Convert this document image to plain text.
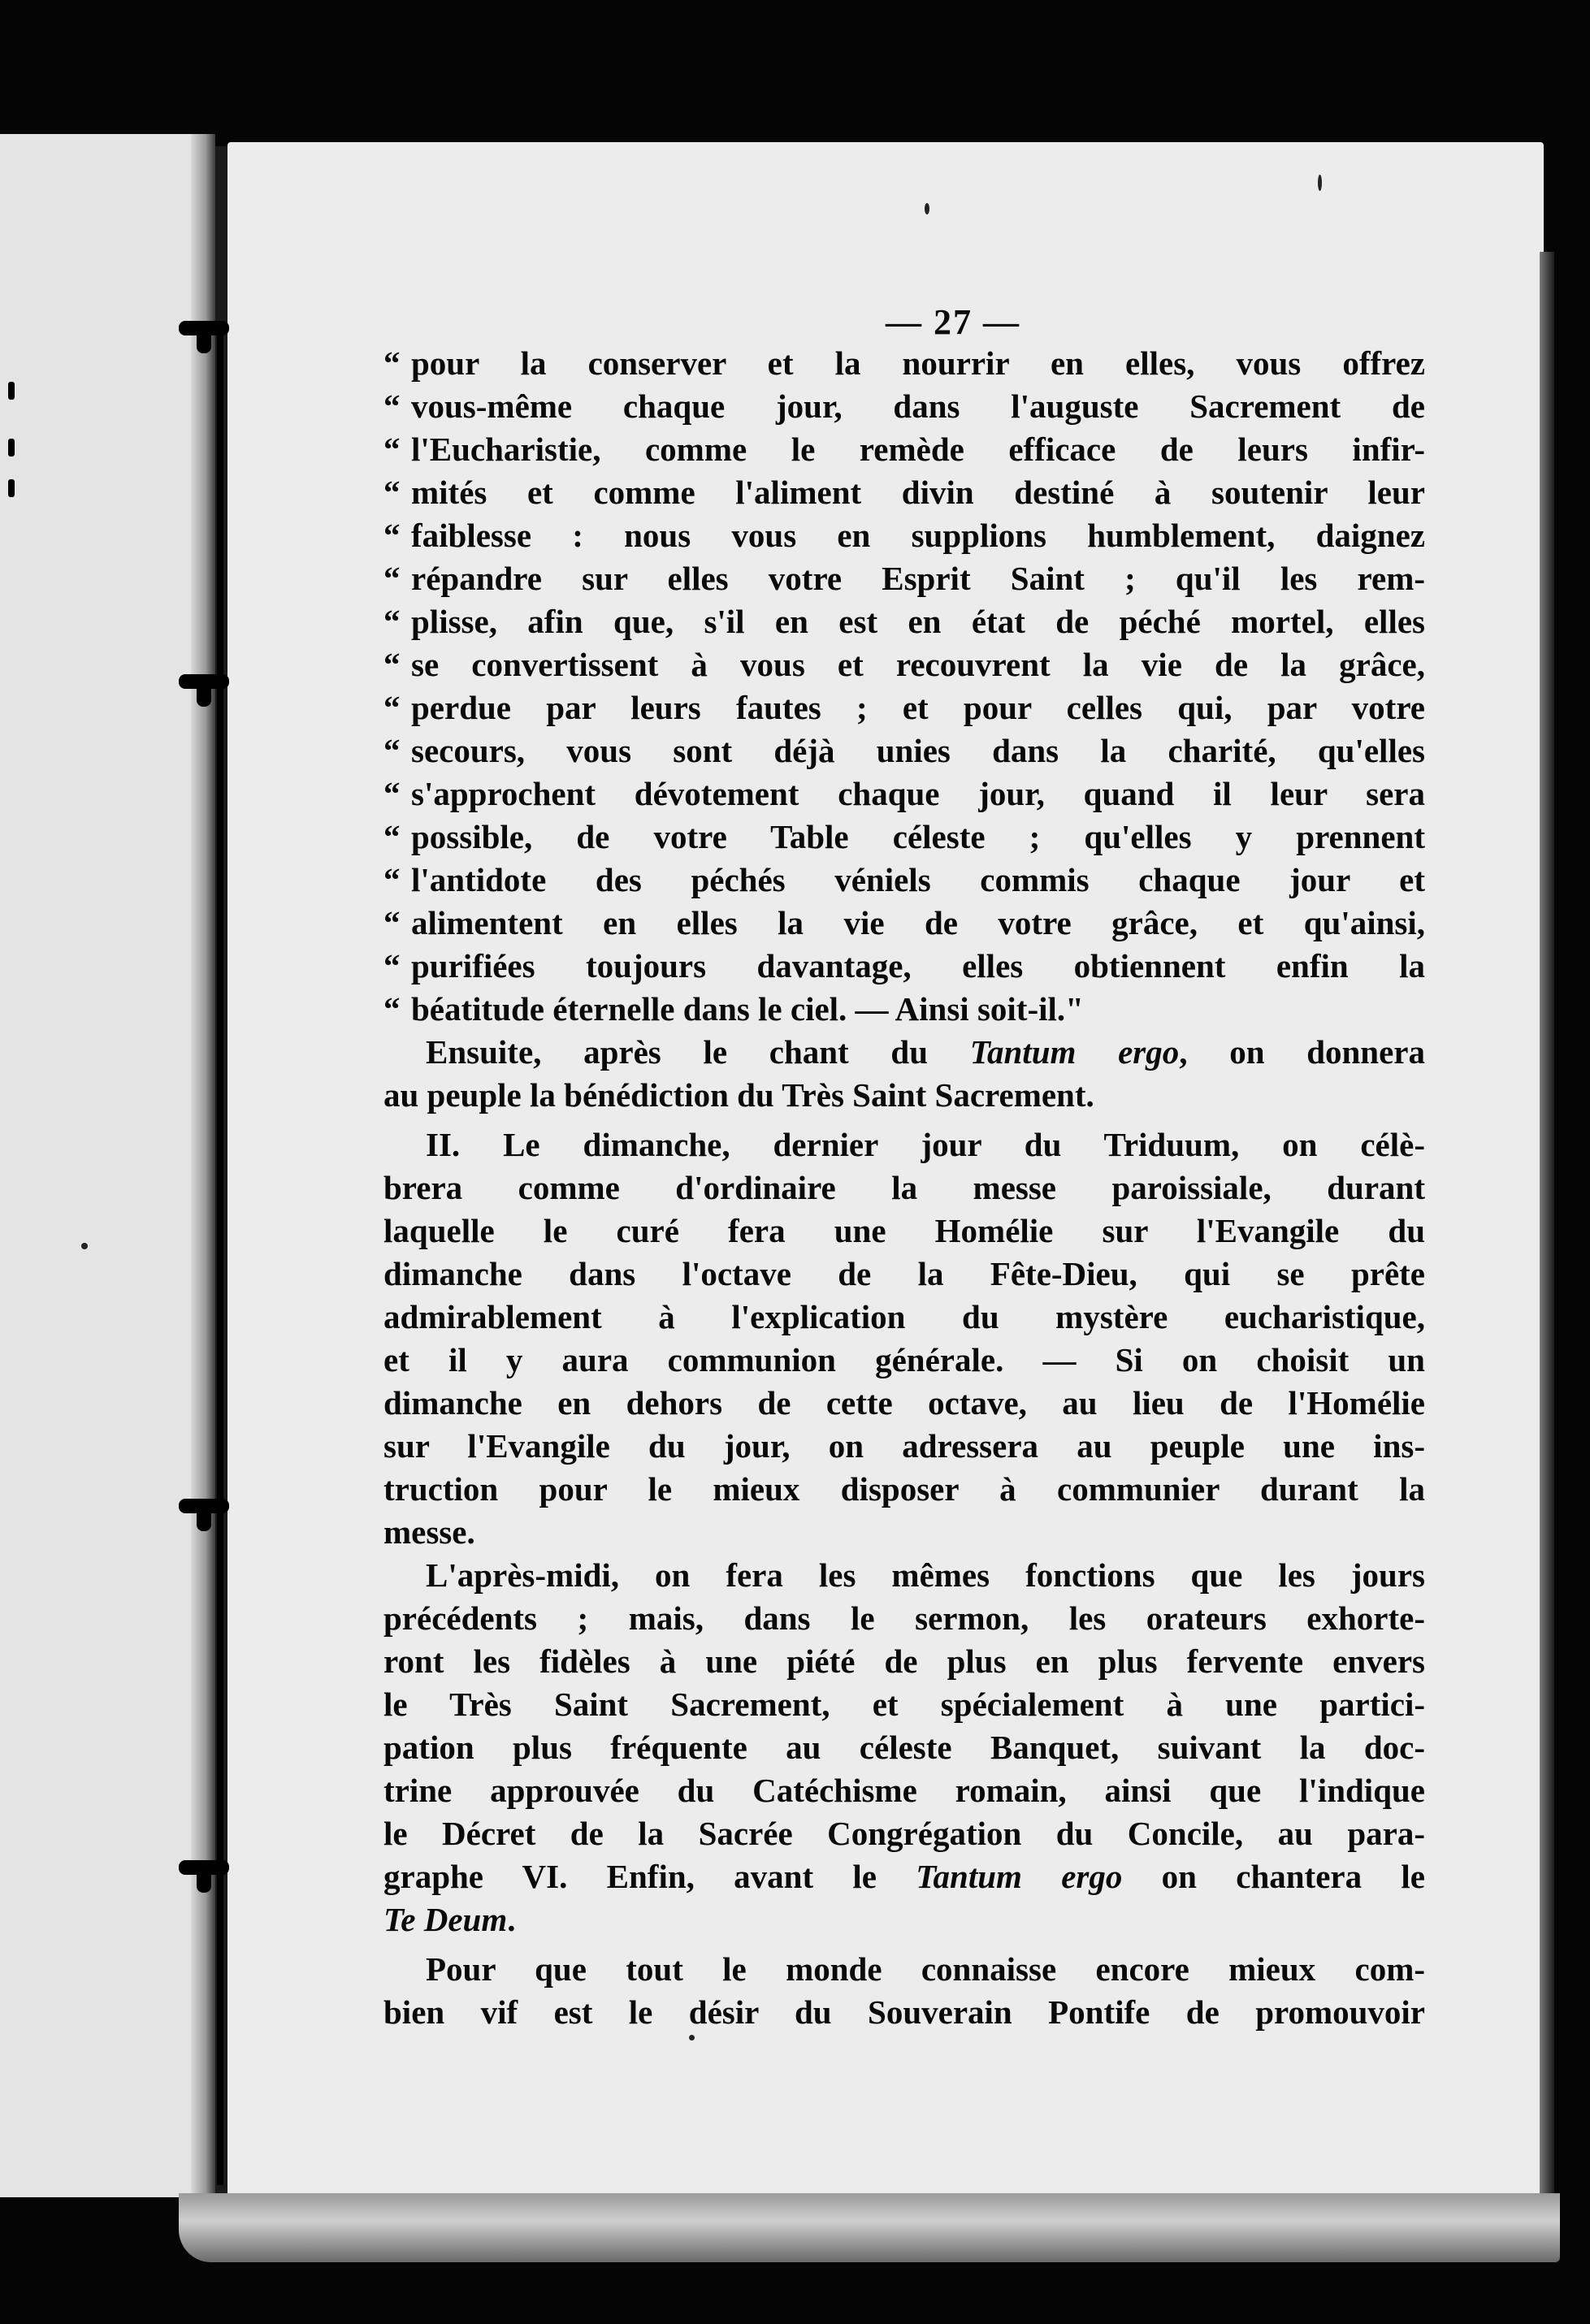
— 27 —
“ pour la conserver et la nourrir en elles, vous offrez
“ vous-même chaque jour, dans l'auguste Sacrement de
“ l'Eucharistie, comme le remède efficace de leurs infir-
“ mités et comme l'aliment divin destiné à soutenir leur
“ faiblesse : nous vous en supplions humblement, daignez
“ répandre sur elles votre Esprit Saint ; qu'il les rem-
“ plisse, afin que, s'il en est en état de péché mortel, elles
“ se convertissent à vous et recouvrent la vie de la grâce,
“ perdue par leurs fautes ; et pour celles qui, par votre
“ secours, vous sont déjà unies dans la charité, qu'elles
“ s'approchent dévotement chaque jour, quand il leur sera
“ possible, de votre Table céleste ; qu'elles y prennent
“ l'antidote des péchés véniels commis chaque jour et
“ alimentent en elles la vie de votre grâce, et qu'ainsi,
“ purifiées toujours davantage, elles obtiennent enfin la
“ béatitude éternelle dans le ciel. — Ainsi soit-il."
Ensuite, après le chant du Tantum ergo, on donnera
au peuple la bénédiction du Très Saint Sacrement.
II. Le dimanche, dernier jour du Triduum, on célè-
brera comme d'ordinaire la messe paroissiale, durant
laquelle le curé fera une Homélie sur l'Evangile du
dimanche dans l'octave de la Fête-Dieu, qui se prête
admirablement à l'explication du mystère eucharistique,
et il y aura communion générale. — Si on choisit un
dimanche en dehors de cette octave, au lieu de l'Homélie
sur l'Evangile du jour, on adressera au peuple une ins-
truction pour le mieux disposer à communier durant la
messe.
L'après-midi, on fera les mêmes fonctions que les jours
précédents ; mais, dans le sermon, les orateurs exhorte-
ront les fidèles à une piété de plus en plus fervente envers
le Très Saint Sacrement, et spécialement à une partici-
pation plus fréquente au céleste Banquet, suivant la doc-
trine approuvée du Catéchisme romain, ainsi que l'indique
le Décret de la Sacrée Congrégation du Concile, au para-
graphe VI. Enfin, avant le Tantum ergo on chantera le
Te Deum.
Pour que tout le monde connaisse encore mieux com-
bien vif est le désir du Souverain Pontife de promouvoir
